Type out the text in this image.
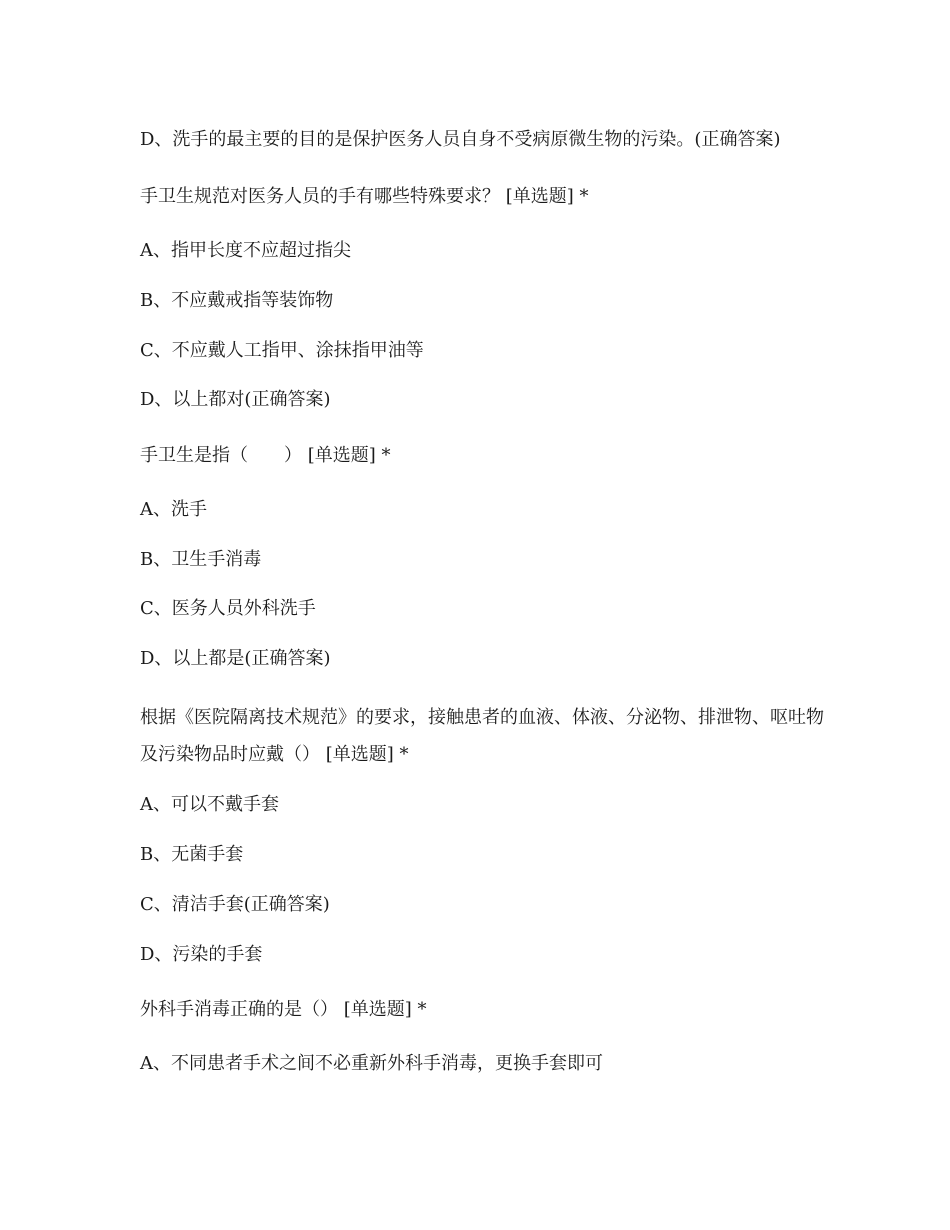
D、洗手的最主要的目的是保护医务人员自身不受病原微生物的污染。(正确答案)
手卫生规范对医务人员的手有哪些特殊要求？ [单选题] *
A、指甲长度不应超过指尖
B、不应戴戒指等装饰物
C、不应戴人工指甲、涂抹指甲油等
D、以上都对(正确答案)
手卫生是指（　　） [单选题] *
A、洗手
B、卫生手消毒
C、医务人员外科洗手
D、以上都是(正确答案)
根据《医院隔离技术规范》的要求，接触患者的血液、体液、分泌物、排泄物、呕吐物及污染物品时应戴（） [单选题] *
A、可以不戴手套
B、无菌手套
C、清洁手套(正确答案)
D、污染的手套
外科手消毒正确的是（） [单选题] *
A、不同患者手术之间不必重新外科手消毒，更换手套即可
